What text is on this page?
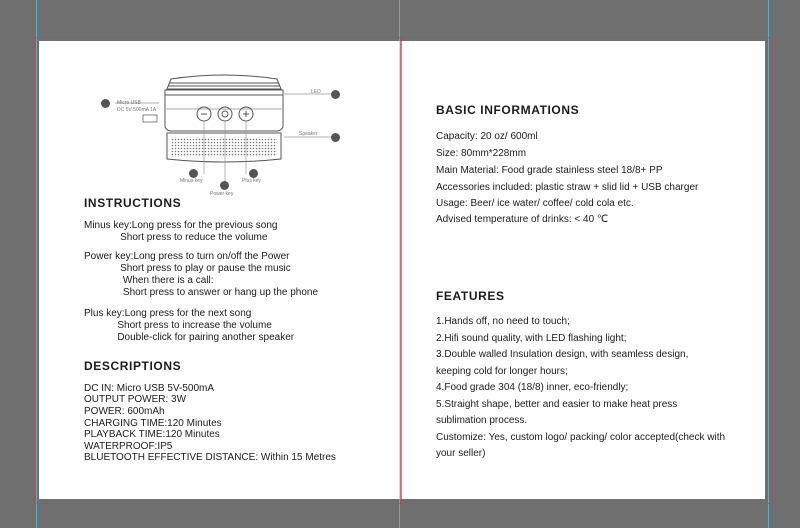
Micro USB
DC 5V 500mA 1A
LED
Speaker
Minus key
Power key
Plus key
INSTRUCTIONS
Minus key:Long press for the previous song
Short press to reduce the volume
Power key:Long press to turn on/off the Power
Short press to play or pause the music
When there is a call:
Short press to answer or hang up the phone
Plus key:Long press for the next song
Short press to increase the volume
Double-click for pairing another speaker
DESCRIPTIONS
DC IN: Micro USB 5V-500mA
OUTPUT POWER: 3W
POWER: 600mAh
CHARGING TIME:120 Minutes
PLAYBACK TIME:120 Minutes
WATERPROOF:IP5
BLUETOOTH EFFECTIVE DISTANCE: Within 15 Metres
BASIC INFORMATIONS
Capacity: 20 oz/ 600ml
Size: 80mm*228mm
Main Material: Food grade stainless steel 18/8+ PP
Accessories included: plastic straw + slid lid + USB charger
Usage: Beer/ ice water/ coffee/ cold cola etc.
Advised temperature of drinks: < 40 ℃
FEATURES
1.Hands off, no need to touch;
2.Hifi sound quality, with LED flashing light;
3.Double walled Insulation design, with seamless design,
keeping cold for longer hours;
4.Food grade 304 (18/8) inner, eco-friendly;
5.Straight shape, better and easier to make heat press
sublimation process.
Customize: Yes, custom logo/ packing/ color accepted(check with
your seller)
